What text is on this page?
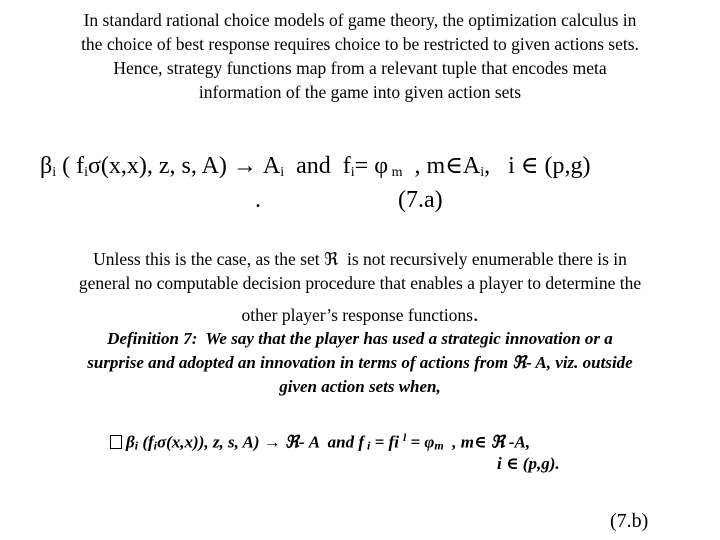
In standard rational choice models of game theory, the optimization calculus in
the choice of best response requires choice to be restricted to given actions sets.
Hence, strategy functions map from a relevant tuple that encodes meta
information of the game into given action sets
$\beta_i$ ( $f_i\sigma(x,x)$, z, s, $A) \to A_i$  and  $f_i= \varphi$ $_m$  , $m\in A_i$,   i ∈ (p,g)
.	(7.a)
Unless this is the case, as the set ℜ  is not recursively enumerable there is in
general no computable decision procedure that enables a player to determine the
other player’s response functions.
Definition 7:  We say that the player has used a strategic innovation or a
surprise and adopted an innovation in terms of actions from ℜ- A, viz. outside
given action sets when,
$\beta_i$ $(f_i\sigma(x,x))$, z, s, A) → ℜ- A  and f $_i$ = fi $^l = \varphi_m$  , m∈ ℜ -A,
i ∈ (p,g).
(7.b)
